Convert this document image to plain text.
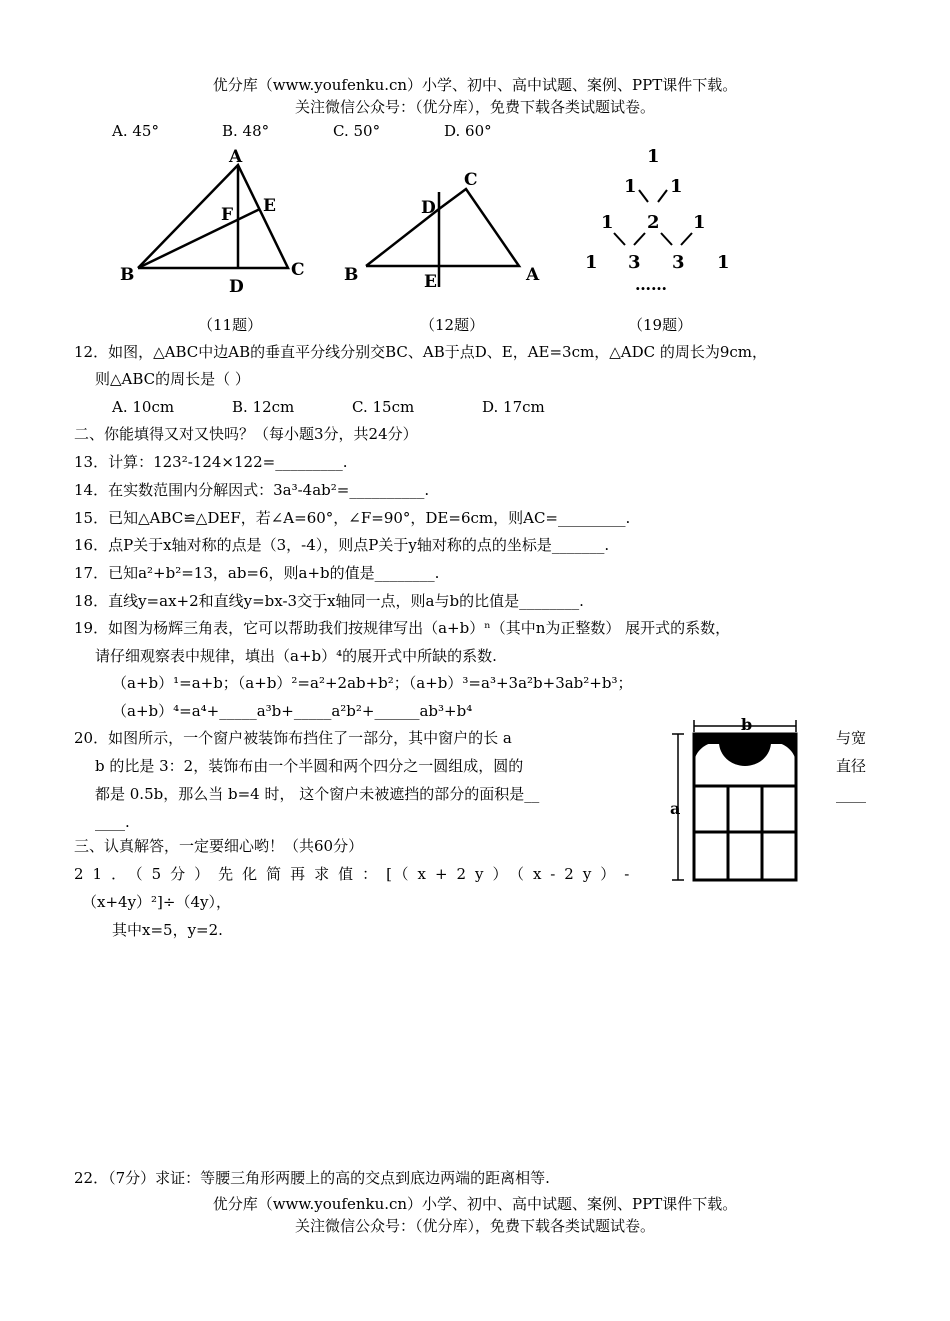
优分库（www.youfenku.cn）小学、初中、高中试题、案例、PPT课件下载。
关注微信公众号：（优分库），免费下载各类试题试卷。
A. 45°	B. 48°	C. 50°	D. 60°
A
E
F
B
D
C
（11题）
C
D
B	E	A
（12题）
1
1 1
1 2 1
1 3 3 1
……
（19题）
12．如图，△ABC中边AB的垂直平分线分别交BC、AB于点D、E，AE=3cm，△ADC 的周长为9cm，
则△ABC的周长是（ ）
A. 10cm	B. 12cm	C. 15cm	D. 17cm
二、你能填得又对又快吗？（每小题3分，共24分）
13．计算：123²-124×122=_________.
14．在实数范围内分解因式：3a³-4ab²=__________.
15．已知△ABC≌△DEF，若∠A=60°，∠F=90°，DE=6cm，则AC=_________.
16．点P关于x轴对称的点是（3，-4），则点P关于y轴对称的点的坐标是_______.
17．已知a²+b²=13，ab=6，则a+b的值是________.
18．直线y=ax+2和直线y=bx-3交于x轴同一点，则a与b的比值是________.
19．如图为杨辉三角表，它可以帮助我们按规律写出（a+b）ⁿ（其中n为正整数） 展开式的系数，
请仔细观察表中规律，填出（a+b）⁴的展开式中所缺的系数.
（a+b）¹=a+b；（a+b）²=a²+2ab+b²；（a+b）³=a³+3a²b+3ab²+b³；
（a+b）⁴=a⁴+_____a³b+_____a²b²+______ab³+b⁴
20．如图所示，一个窗户被装饰布挡住了一部分，其中窗户的长 a	与宽
b 的比是 3：2，装饰布由一个半圆和两个四分之一圆组成，圆的	直径
都是 0.5b，那么当 b=4 时， 这个窗户未被遮挡的部分的面积是__	____
____.
b
a
三、认真解答，一定要细心哟！（共60分）
21．（5分）先化简再求值：[（x+2y）（x-2y）-
（x+4y）²]÷（4y），
其中x=5，y=2.
22．（7分）求证：等腰三角形两腰上的高的交点到底边两端的距离相等.
优分库（www.youfenku.cn）小学、初中、高中试题、案例、PPT课件下载。
关注微信公众号：（优分库），免费下载各类试题试卷。
